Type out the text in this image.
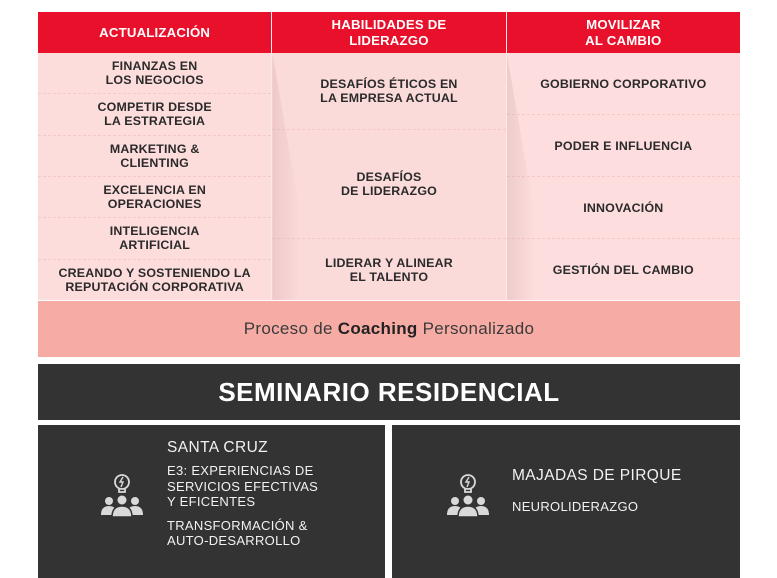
ACTUALIZACIÓN
FINANZAS EN
LOS NEGOCIOS
COMPETIR DESDE
LA ESTRATEGIA
MARKETING &
CLIENTING
EXCELENCIA EN
OPERACIONES
INTELIGENCIA
ARTIFICIAL
CREANDO Y SOSTENIENDO LA
REPUTACIÓN CORPORATIVA
HABILIDADES DE
LIDERAZGO
DESAFÍOS ÉTICOS EN
LA EMPRESA ACTUAL
DESAFÍOS
DE LIDERAZGO
LIDERAR Y ALINEAR
EL TALENTO
MOVILIZAR
AL CAMBIO
GOBIERNO CORPORATIVO
PODER E INFLUENCIA
INNOVACIÓN
GESTIÓN DEL CAMBIO
Proceso de Coaching Personalizado
SEMINARIO RESIDENCIAL
SANTA CRUZ
E3: EXPERIENCIAS DE
SERVICIOS EFECTIVAS
Y EFICENTES
TRANSFORMACIÓN &
AUTO-DESARROLLO
MAJADAS DE PIRQUE
NEUROLIDERAZGO
